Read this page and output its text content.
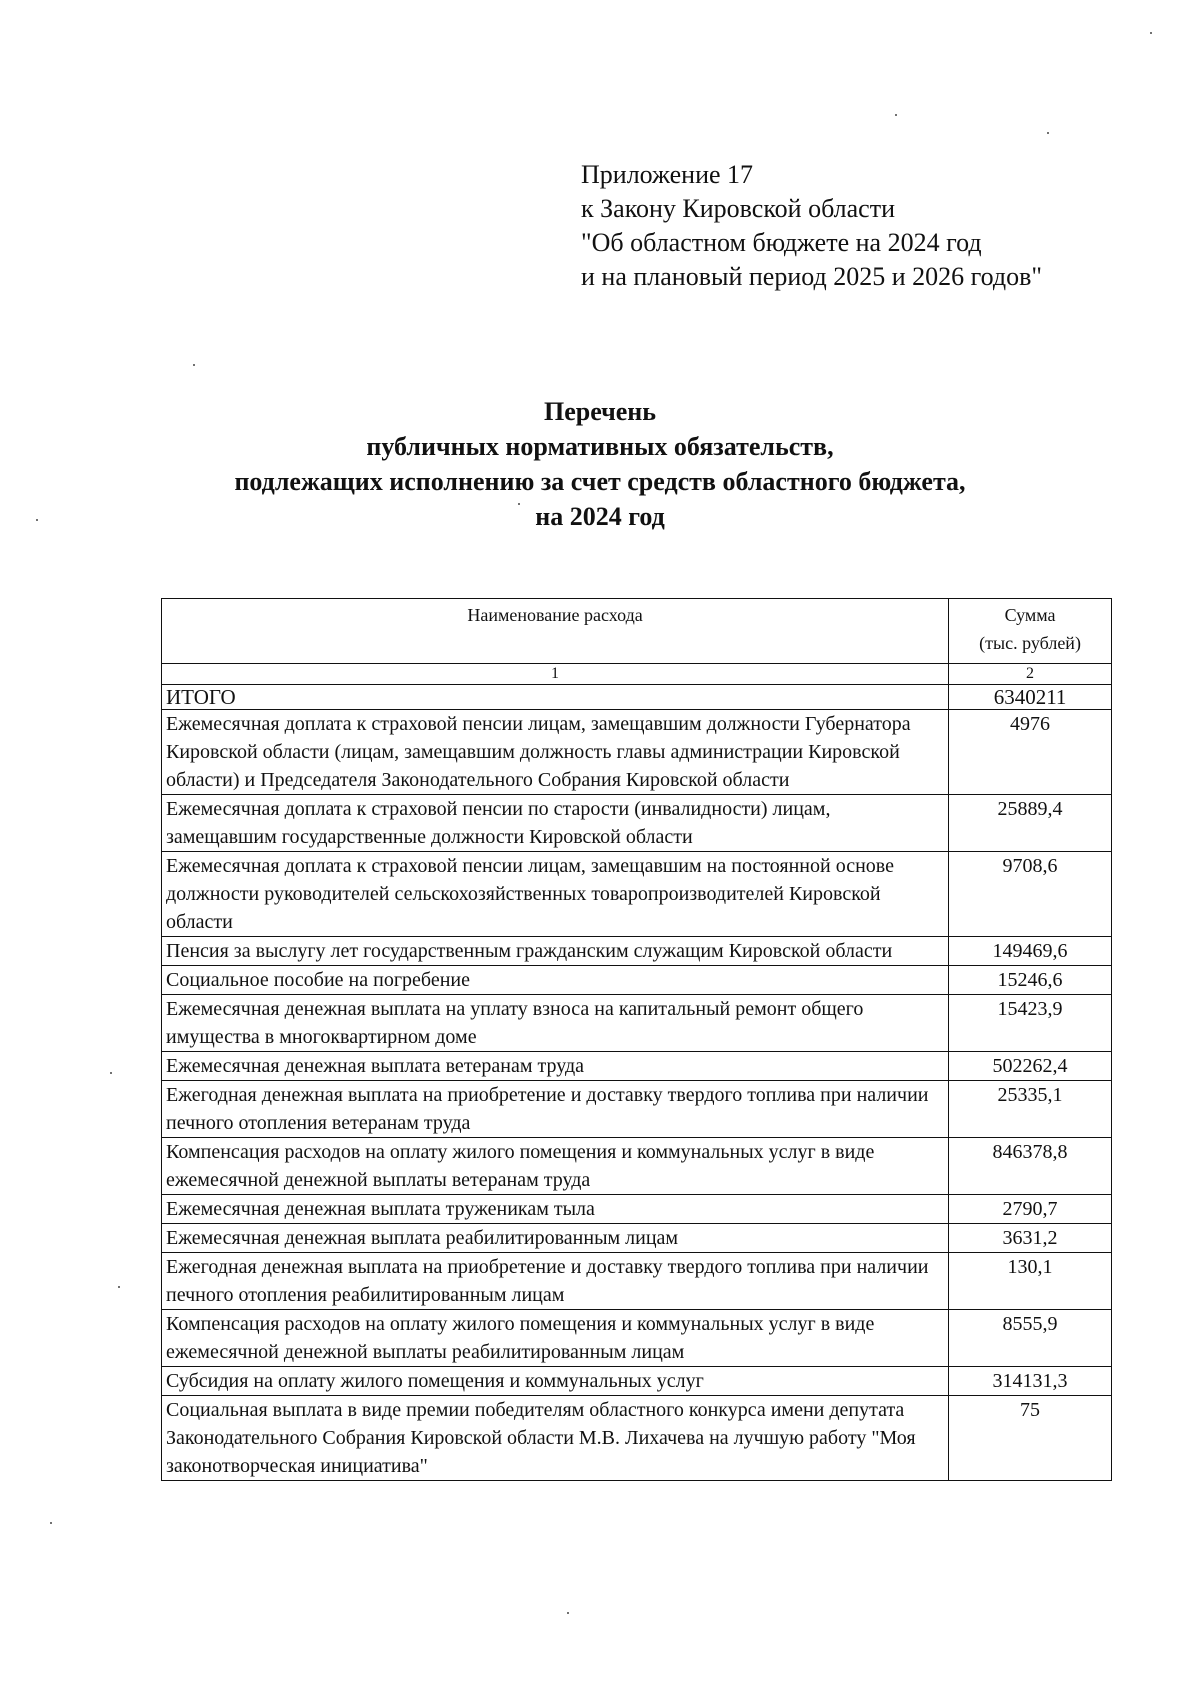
Приложение 17
к Закону Кировской области
"Об областном бюджете на 2024 год
и на плановый период 2025 и 2026 годов"
Перечень
публичных нормативных обязательств,
подлежащих исполнению за счет средств областного бюджета,
на 2024 год
Наименование расхода	Сумма
(тыс. рублей)
1	2
ИТОГО	6340211
Ежемесячная доплата к страховой пенсии лицам, замещавшим должности Губернатора Кировской области (лицам, замещавшим должность главы администрации Кировской области) и Председателя Законодательного Собрания Кировской области	4976
Ежемесячная доплата к страховой пенсии по старости (инвалидности) лицам, замещавшим государственные должности Кировской области	25889,4
Ежемесячная доплата к страховой пенсии лицам, замещавшим на постоянной основе должности руководителей сельскохозяйственных товаропроизводителей Кировской области	9708,6
Пенсия за выслугу лет государственным гражданским служащим Кировской области	149469,6
Социальное пособие на погребение	15246,6
Ежемесячная денежная выплата на уплату взноса на капитальный ремонт общего имущества в многоквартирном доме	15423,9
Ежемесячная денежная выплата ветеранам труда	502262,4
Ежегодная денежная выплата на приобретение и доставку твердого топлива при наличии печного отопления ветеранам труда	25335,1
Компенсация расходов на оплату жилого помещения и коммунальных услуг в виде ежемесячной денежной выплаты ветеранам труда	846378,8
Ежемесячная денежная выплата труженикам тыла	2790,7
Ежемесячная денежная выплата реабилитированным лицам	3631,2
Ежегодная денежная выплата на приобретение и доставку твердого топлива при наличии печного отопления реабилитированным лицам	130,1
Компенсация расходов на оплату жилого помещения и коммунальных услуг в виде ежемесячной денежной выплаты реабилитированным лицам	8555,9
Субсидия на оплату жилого помещения и коммунальных услуг	314131,3
Социальная выплата в виде премии победителям областного конкурса имени депутата Законодательного Собрания Кировской области М.В. Лихачева на лучшую работу "Моя законотворческая инициатива"	75
